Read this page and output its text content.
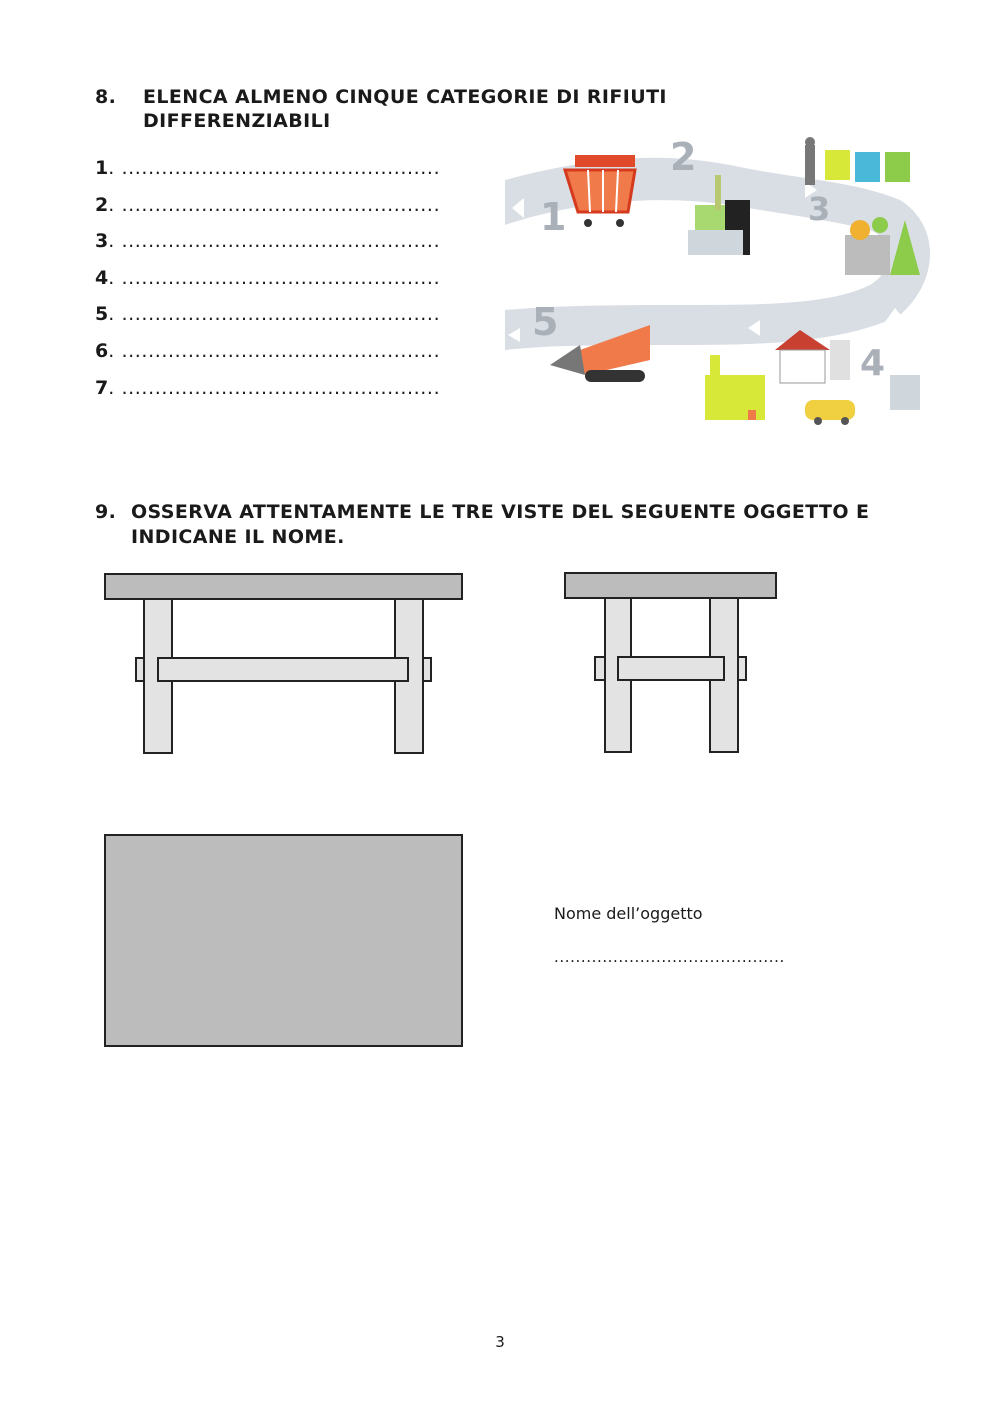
8. ELENCA ALMENO CINQUE CATEGORIE DI RIFIUTI
DIFFERENZIABILI
1. ................................................
2. ................................................
3. ................................................
4. ................................................
5. ................................................
6. ................................................
7. ................................................
1
2
3
4
5
9. OSSERVA ATTENTAMENTE LE TRE VISTE DEL SEGUENTE OGGETTO E
INDICANE IL NOME.
Nome dell’oggetto
...........................................
3
